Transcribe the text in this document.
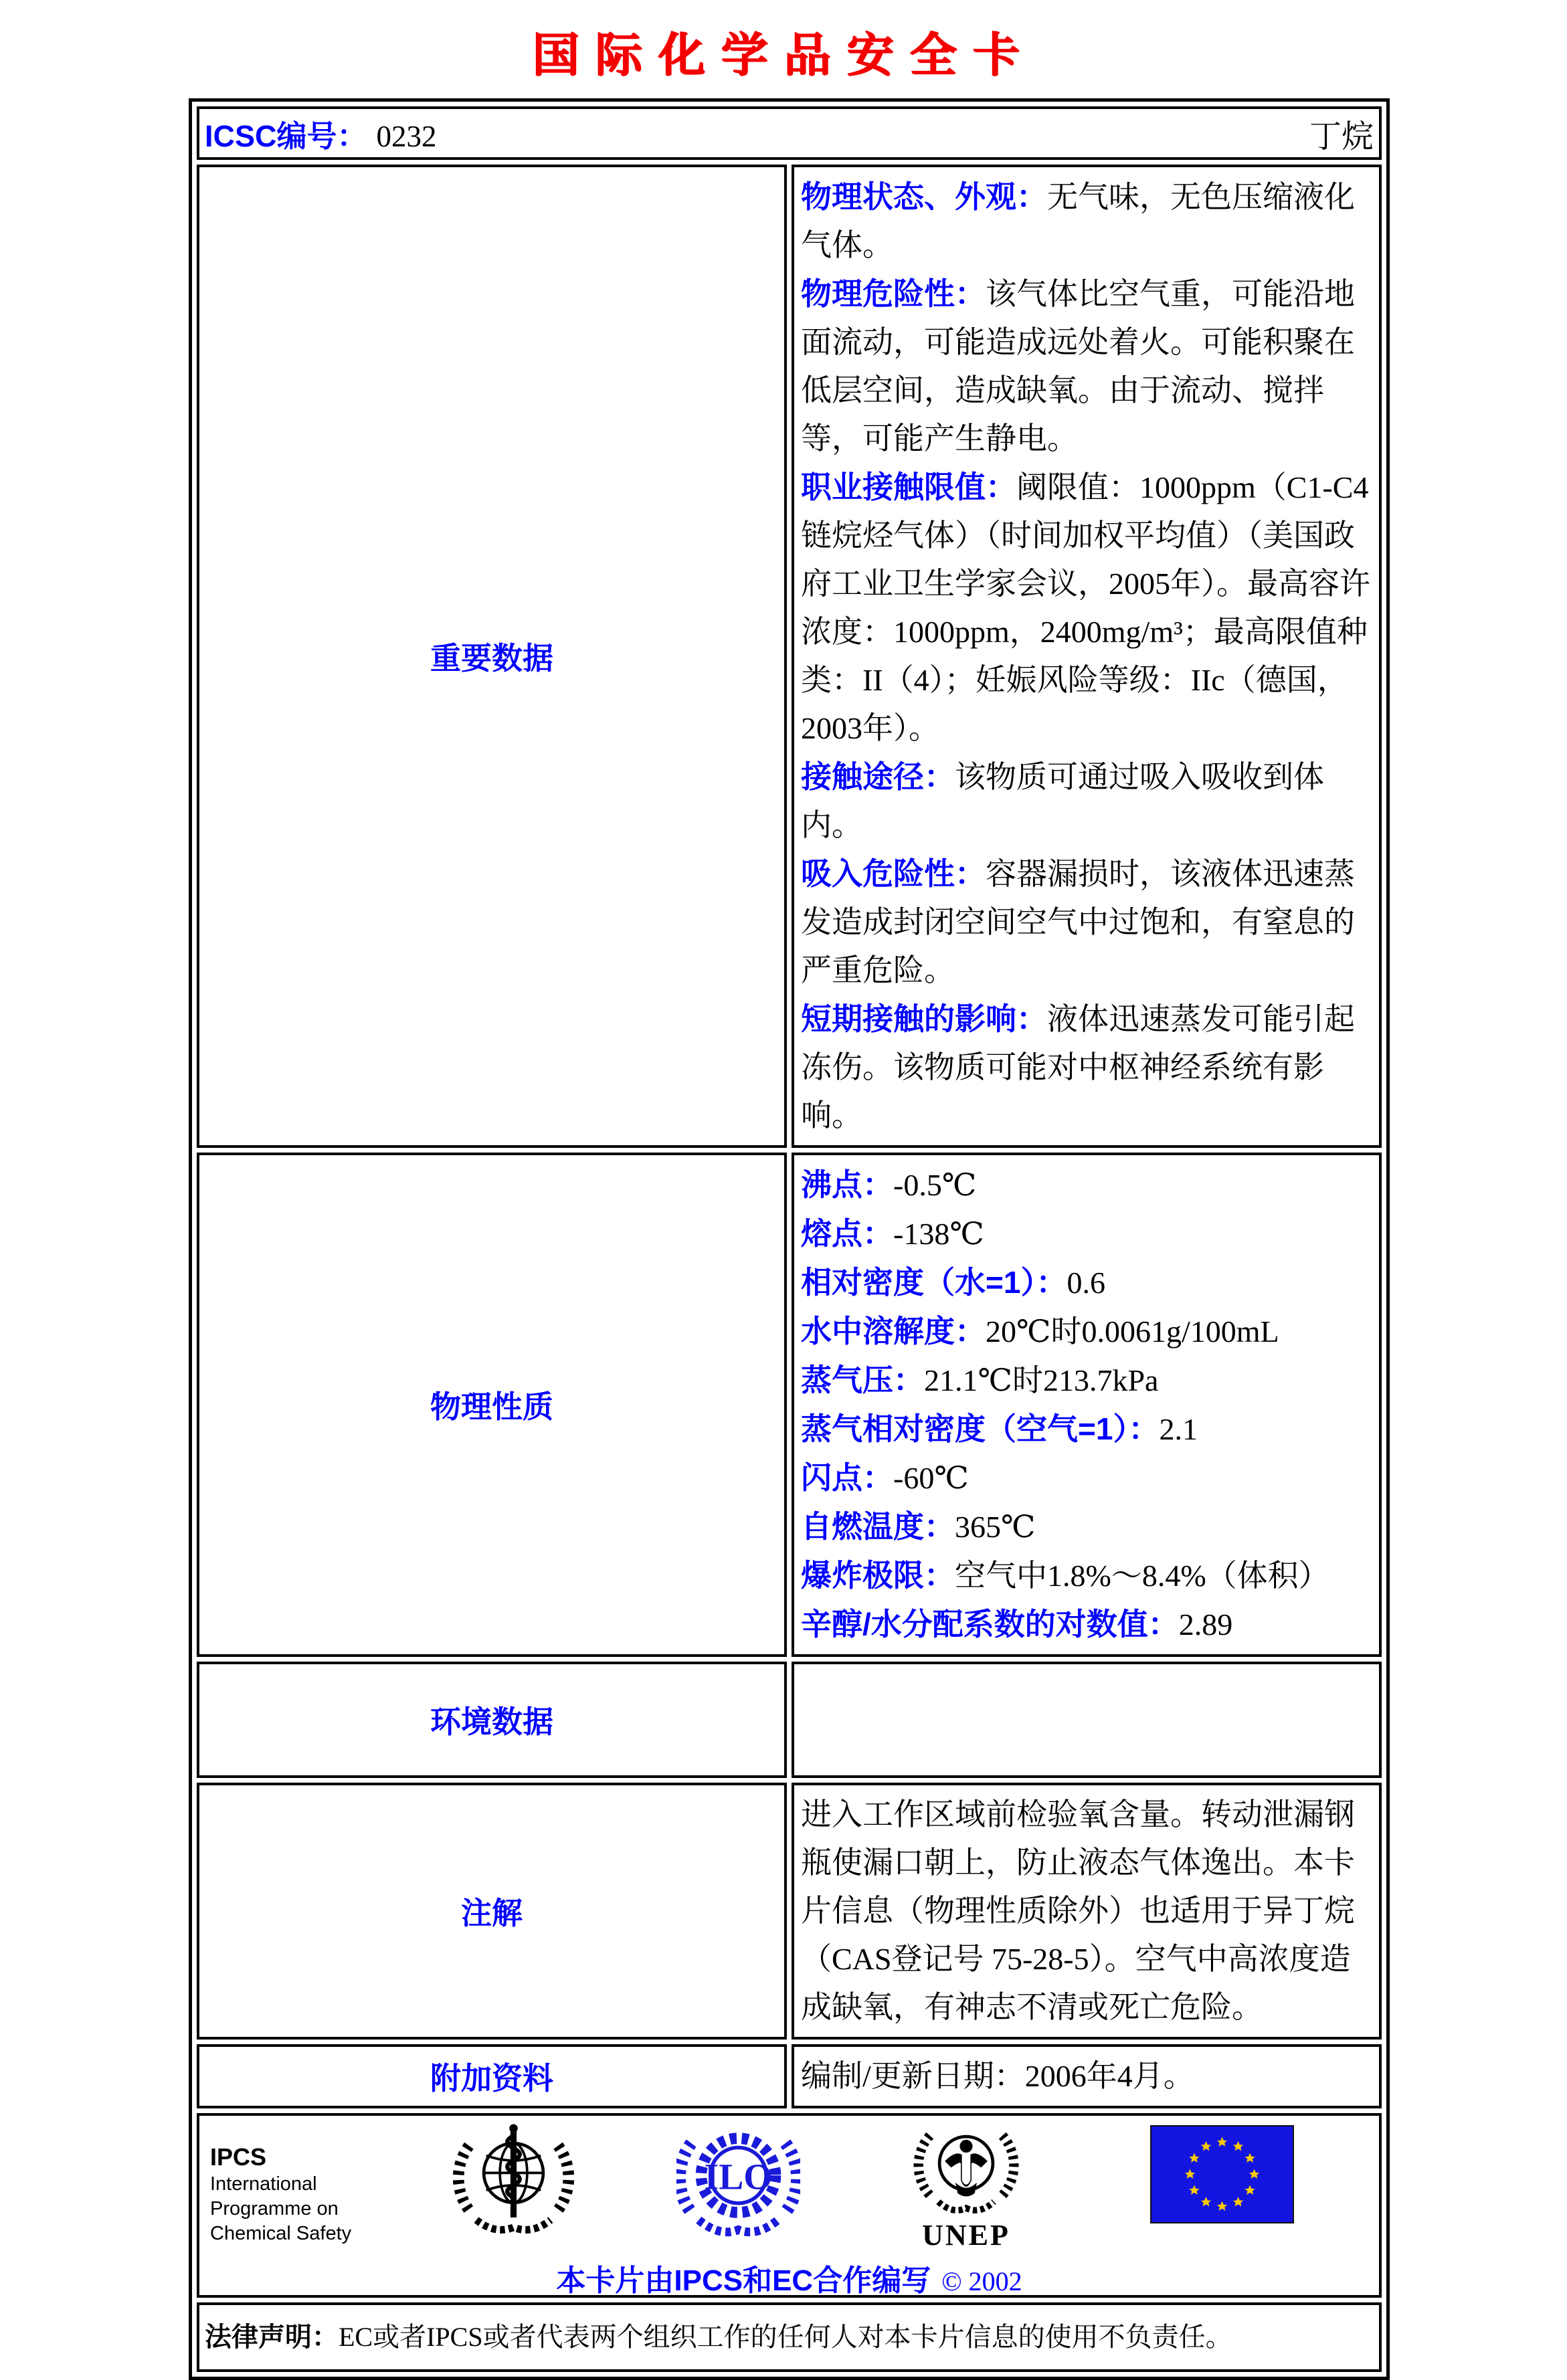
国际化学品安全卡
ICSC编号： 0232 丁烷	

重要数据	
物理状态、外观：无气味，无色压缩液化气体。
物理危险性：该气体比空气重，可能沿地面流动，可能造成远处着火。可能积聚在低层空间，造成缺氧。由于流动、搅拌等，可能产生静电。
职业接触限值：阈限值：1000ppm（C1-C4链烷烃气体）（时间加权平均值）（美国政府工业卫生学家会议，2005年）。最高容许浓度：1000ppm，2400mg/m³；最高限值种类：II（4）；妊娠风险等级：IIc（德国，2003年）。
接触途径：该物质可通过吸入吸收到体内。
吸入危险性：容器漏损时，该液体迅速蒸发造成封闭空间空气中过饱和，有窒息的严重危险。
短期接触的影响：液体迅速蒸发可能引起冻伤。该物质可能对中枢神经系统有影响。

物理性质	
沸点：-0.5℃
熔点：-138℃
相对密度（水=1）：0.6
水中溶解度：20℃时0.0061g/100mL
蒸气压：21.1℃时213.7kPa
蒸气相对密度（空气=1）：2.1
闪点：-60℃
自燃温度：365℃
爆炸极限：空气中1.8%～8.4%（体积）
辛醇/水分配系数的对数值：2.89

环境数据	
注解	进入工作区域前检验氧含量。转动泄漏钢瓶使漏口朝上，防止液态气体逸出。本卡片信息（物理性质除外）也适用于异丁烷（CAS登记号 75-28-5）。空气中高浓度造成缺氧，有神志不清或死亡危险。
附加资料	编制/更新日期：2006年4月。

IPCS
International
Programme on
Chemical Safety
ILO
UNEP
本卡片由IPCS和EC合作编写 © 2002

法律声明：EC或者IPCS或者代表两个组织工作的任何人对本卡片信息的使用不负责任。	
